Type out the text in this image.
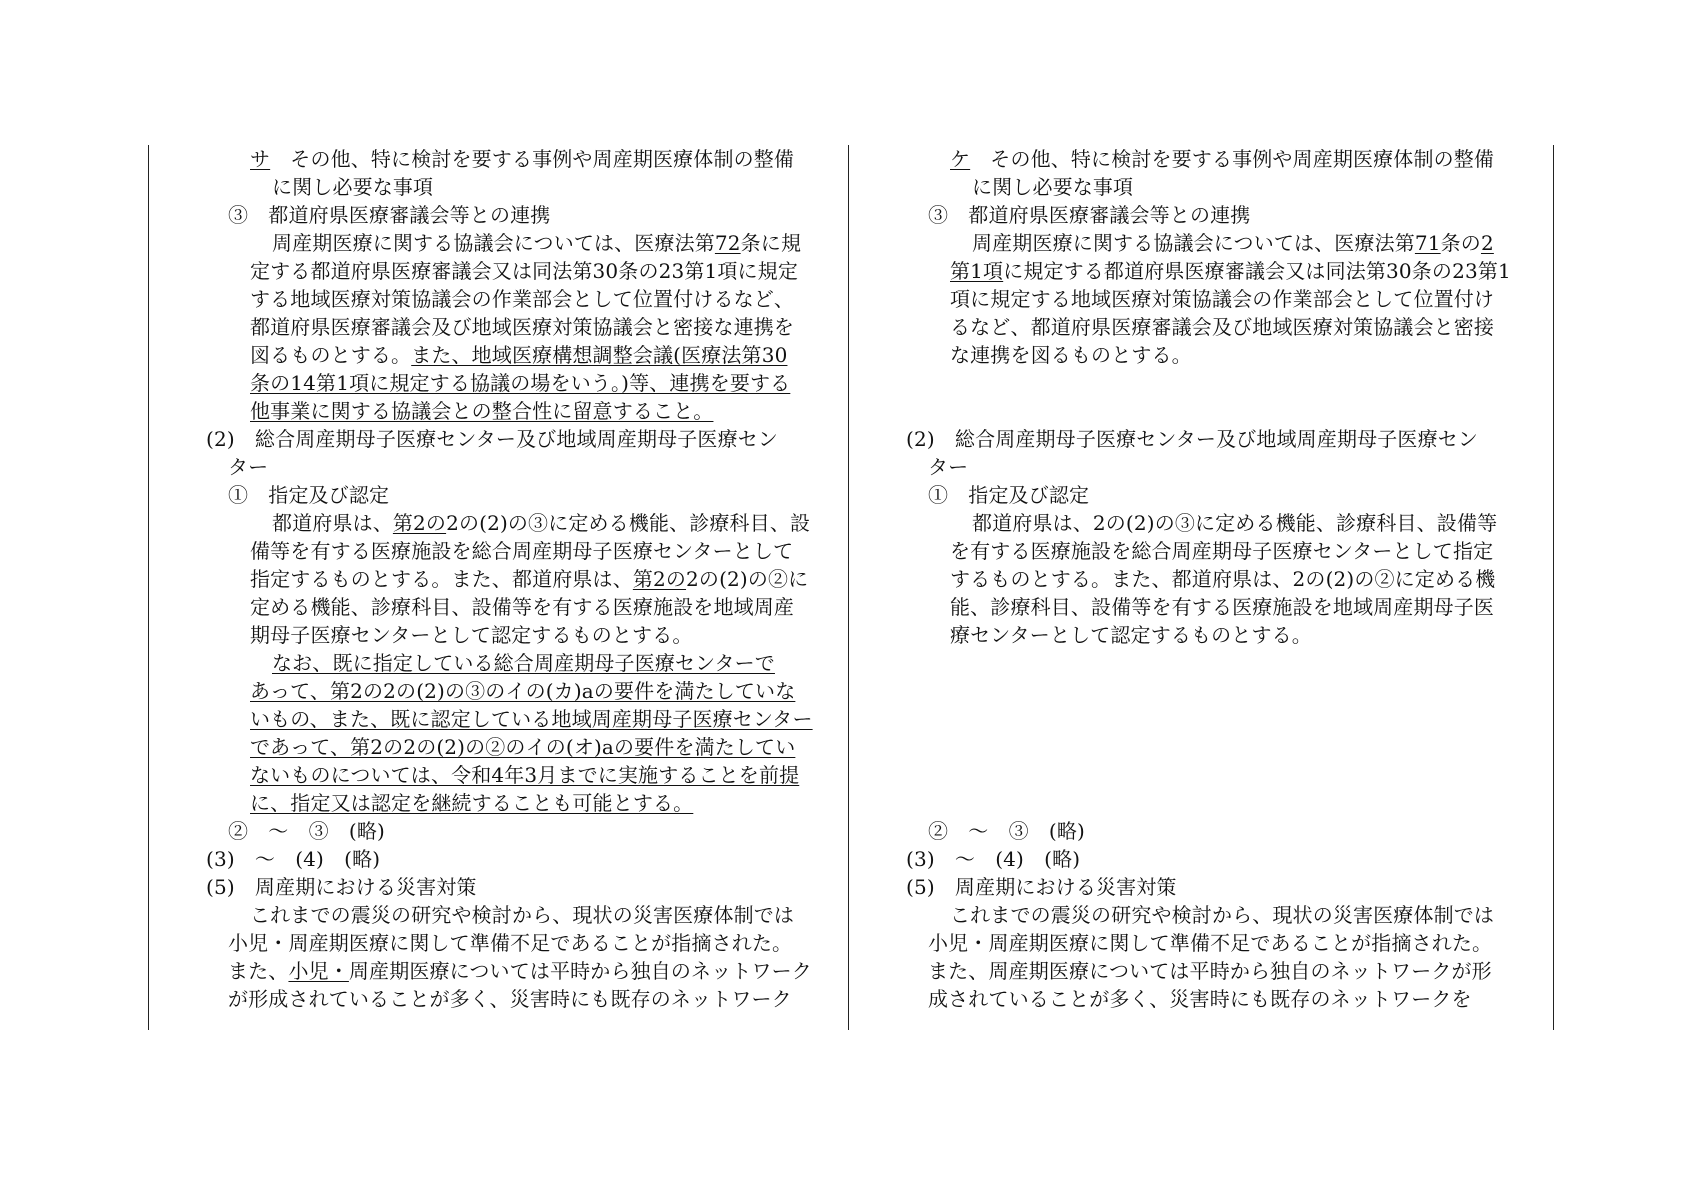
サ　その他、特に検討を要する事例や周産期医療体制の整備
に関し必要な事項
③　都道府県医療審議会等との連携
周産期医療に関する協議会については、医療法第72条に規
定する都道府県医療審議会又は同法第30条の23第1項に規定
する地域医療対策協議会の作業部会として位置付けるなど、
都道府県医療審議会及び地域医療対策協議会と密接な連携を
図るものとする。また、地域医療構想調整会議(医療法第30
条の14第1項に規定する協議の場をいう。)等、連携を要する
他事業に関する協議会との整合性に留意すること。
(2)　総合周産期母子医療センター及び地域周産期母子医療セン
ター
①　指定及び認定
都道府県は、第2の2の(2)の③に定める機能、診療科目、設
備等を有する医療施設を総合周産期母子医療センターとして
指定するものとする。また、都道府県は、第2の2の(2)の②に
定める機能、診療科目、設備等を有する医療施設を地域周産
期母子医療センターとして認定するものとする。
なお、既に指定している総合周産期母子医療センターで
あって、第2の2の(2)の③のイの(カ)aの要件を満たしていな
いもの、また、既に認定している地域周産期母子医療センター
であって、第2の2の(2)の②のイの(オ)aの要件を満たしてい
ないものについては、令和4年3月までに実施することを前提
に、指定又は認定を継続することも可能とする。
②　～　③　(略)
(3)　～　(4)　(略)
(5)　周産期における災害対策
これまでの震災の研究や検討から、現状の災害医療体制では
小児・周産期医療に関して準備不足であることが指摘された。
また、小児・周産期医療については平時から独自のネットワーク
が形成されていることが多く、災害時にも既存のネットワーク
ケ　その他、特に検討を要する事例や周産期医療体制の整備
に関し必要な事項
③　都道府県医療審議会等との連携
周産期医療に関する協議会については、医療法第71条の2
第1項に規定する都道府県医療審議会又は同法第30条の23第1
項に規定する地域医療対策協議会の作業部会として位置付け
るなど、都道府県医療審議会及び地域医療対策協議会と密接
な連携を図るものとする。
(2)　総合周産期母子医療センター及び地域周産期母子医療セン
ター
①　指定及び認定
都道府県は、2の(2)の③に定める機能、診療科目、設備等
を有する医療施設を総合周産期母子医療センターとして指定
するものとする。また、都道府県は、2の(2)の②に定める機
能、診療科目、設備等を有する医療施設を地域周産期母子医
療センターとして認定するものとする。
②　～　③　(略)
(3)　～　(4)　(略)
(5)　周産期における災害対策
これまでの震災の研究や検討から、現状の災害医療体制では
小児・周産期医療に関して準備不足であることが指摘された。
また、周産期医療については平時から独自のネットワークが形
成されていることが多く、災害時にも既存のネットワークを
